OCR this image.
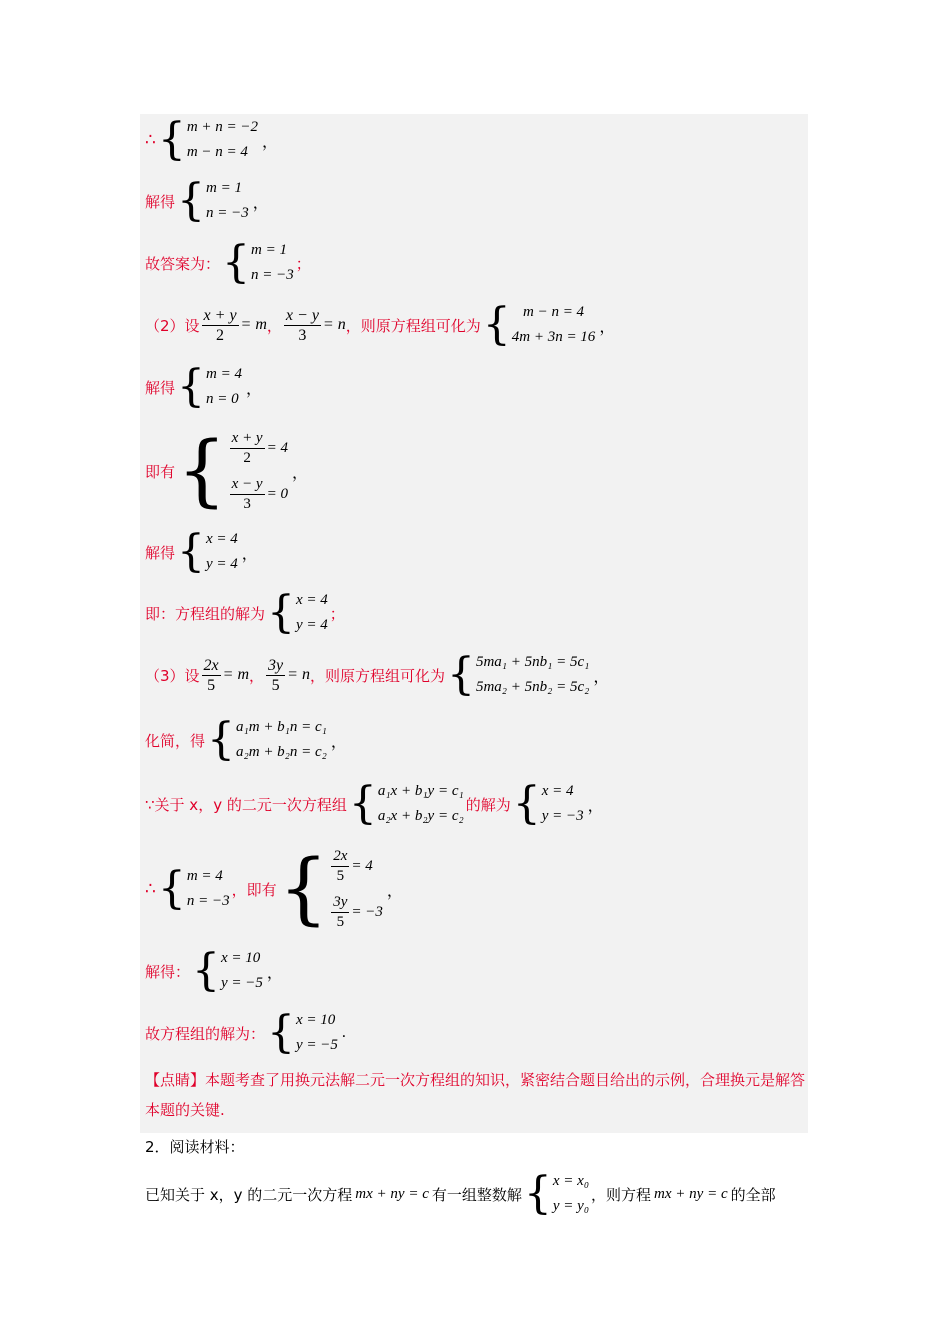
∴ { m + n = −2
m − n = 4
，
解得 { m = 1
n = −3
，
故答案为： { m = 1
n = −3
；
（2）设 $\frac{x + y}{2} = m$ ， $\frac{x - y}{3} = n$ ，则原方程组可化为 { m − n = 4
4m + 3n = 16
，
解得 { m = 4
n = 0
，
即有 { $\frac{x + y}{2} = 4$
$\frac{x - y}{3} = 0$
，
解得 { x = 4
y = 4
，
即：方程组的解为 { x = 4
y = 4
；
（3）设 $\frac{2x}{5} = m$ ， $\frac{3y}{5} = n$ ，则原方程组可化为 { 5ma₁ + 5nb₁ = 5c₁
5ma₂ + 5nb₂ = 5c₂
，
化简，得 { a₁m + b₁n = c₁
a₂m + b₂n = c₂
，
∵关于 x，y 的二元一次方程组 { a₁x + b₁y = c₁
a₂x + b₂y = c₂
的解为 { x = 4
y = −3
，
∴ { m = 4
n = −3
，即有 { $\frac{2x}{5} = 4$
$\frac{3y}{5} = -3$
，
解得： { x = 10
y = −5
，
故方程组的解为： { x = 10
y = −5
.
【点睛】本题考查了用换元法解二元一次方程组的知识，紧密结合题目给出的示例，合理换元是解答本题的关键.
2．阅读材料：
已知关于 x，y 的二元一次方程 mx + ny = c 有一组整数解 { x = x₀
y = y₀
，则方程 mx + ny = c 的全部
